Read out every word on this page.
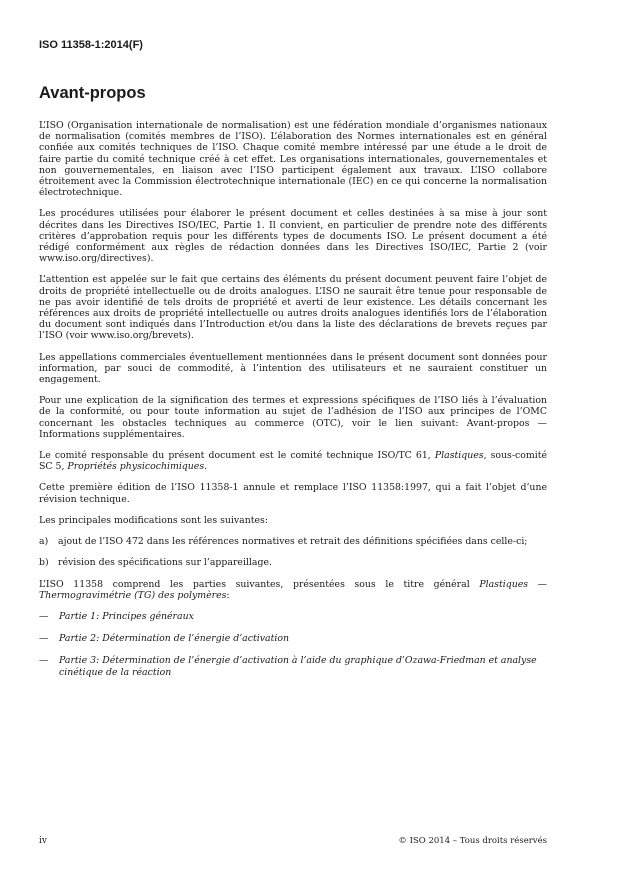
ISO 11358-1:2014(F)
Avant-propos

L’ISO (Organisation internationale de normalisation) est une fédération mondiale d’organismes nationaux de normalisation (comités membres de l’ISO). L’élaboration des Normes internationales est en général confiée aux comités techniques de l’ISO. Chaque comité membre intéressé par une étude a le droit de faire partie du comité technique créé à cet effet. Les organisations internationales, gouvernementales et non gouvernementales, en liaison avec l’ISO participent également aux travaux. L’ISO collabore étroitement avec la Commission électrotechnique internationale (IEC) en ce qui concerne la normalisation électrotechnique.

Les procédures utilisées pour élaborer le présent document et celles destinées à sa mise à jour sont décrites dans les Directives ISO/IEC, Partie 1. Il convient, en particulier de prendre note des différents critères d’approbation requis pour les différents types de documents ISO. Le présent document a été rédigé conformément aux règles de rédaction données dans les Directives ISO/IEC, Partie 2 (voir www.iso.org/directives).

L’attention est appelée sur le fait que certains des éléments du présent document peuvent faire l’objet de droits de propriété intellectuelle ou de droits analogues. L’ISO ne saurait être tenue pour responsable de ne pas avoir identifié de tels droits de propriété et averti de leur existence. Les détails concernant les références aux droits de propriété intellectuelle ou autres droits analogues identifiés lors de l’élaboration du document sont indiqués dans l’Introduction et/ou dans la liste des déclarations de brevets reçues par l’ISO (voir www.iso.org/brevets).

Les appellations commerciales éventuellement mentionnées dans le présent document sont données pour information, par souci de commodité, à l’intention des utilisateurs et ne sauraient constituer un engagement.

Pour une explication de la signification des termes et expressions spécifiques de l’ISO liés à l’évaluation de la conformité, ou pour toute information au sujet de l’adhésion de l’ISO aux principes de l’OMC concernant les obstacles techniques au commerce (OTC), voir le lien suivant: Avant-propos — Informations supplémentaires.

Le comité responsable du présent document est le comité technique ISO/TC 61, Plastiques, sous-comité SC 5, Propriétés physicochimiques.

Cette première édition de l’ISO 11358-1 annule et remplace l’ISO 11358:1997, qui a fait l’objet d’une révision technique.

Les principales modifications sont les suivantes:

a)	ajout de l’ISO 472 dans les références normatives et retrait des définitions spécifiées dans celle-ci;
b)	révision des spécifications sur l’appareillage.

L’ISO 11358 comprend les parties suivantes, présentées sous le titre général Plastiques — Thermogravimétrie (TG) des polymères:

—	Partie 1: Principes généraux
—	Partie 2: Détermination de l’énergie d’activation
—	Partie 3: Détermination de l’énergie d’activation à l’aide du graphique d’Ozawa-Friedman et analyse cinétique de la réaction
iv	© ISO 2014 – Tous droits réservés
